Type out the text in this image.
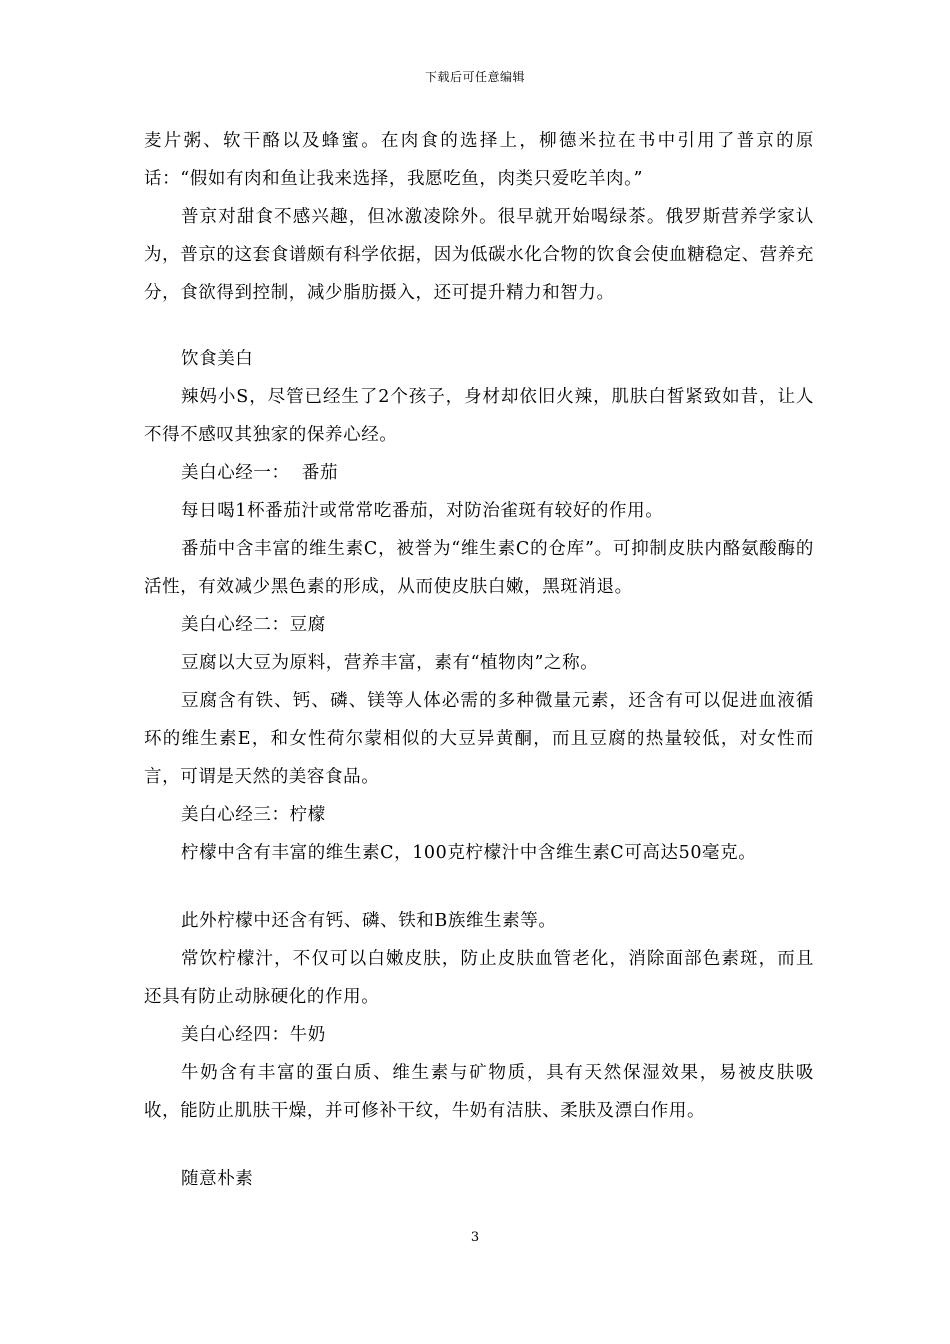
下载后可任意编辑

麦片粥、软干酪以及蜂蜜。在肉食的选择上，柳德米拉在书中引用了普京的原话：“假如有肉和鱼让我来选择，我愿吃鱼，肉类只爱吃羊肉。”

普京对甜食不感兴趣，但冰激凌除外。很早就开始喝绿茶。俄罗斯营养学家认为，普京的这套食谱颇有科学依据，因为低碳水化合物的饮食会使血糖稳定、营养充分，食欲得到控制，减少脂肪摄入，还可提升精力和智力。

饮食美白

辣妈小S，尽管已经生了2个孩子，身材却依旧火辣，肌肤白皙紧致如昔，让人不得不感叹其独家的保养心经。

美白心经一：  番茄

每日喝1杯番茄汁或常常吃番茄，对防治雀斑有较好的作用。

番茄中含丰富的维生素C，被誉为“维生素C的仓库”。可抑制皮肤内酪氨酸酶的活性，有效减少黑色素的形成，从而使皮肤白嫩，黑斑消退。

美白心经二：豆腐

豆腐以大豆为原料，营养丰富，素有“植物肉”之称。

豆腐含有铁、钙、磷、镁等人体必需的多种微量元素，还含有可以促进血液循环的维生素E，和女性荷尔蒙相似的大豆异黄酮，而且豆腐的热量较低，对女性而言，可谓是天然的美容食品。

美白心经三：柠檬

柠檬中含有丰富的维生素C，100克柠檬汁中含维生素C可高达50毫克。

此外柠檬中还含有钙、磷、铁和B族维生素等。

常饮柠檬汁，不仅可以白嫩皮肤，防止皮肤血管老化，消除面部色素斑，而且还具有防止动脉硬化的作用。

美白心经四：牛奶

牛奶含有丰富的蛋白质、维生素与矿物质，具有天然保湿效果，易被皮肤吸收，能防止肌肤干燥，并可修补干纹，牛奶有洁肤、柔肤及漂白作用。

随意朴素

3
